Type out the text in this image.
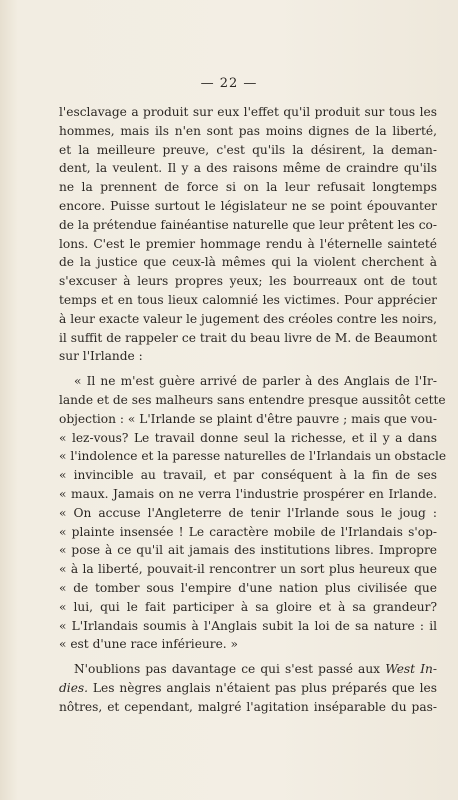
— 22 —
l'esclavage a produit sur eux l'effet qu'il produit sur tous les
hommes, mais ils n'en sont pas moins dignes de la liberté,
et la meilleure preuve, c'est qu'ils la désirent, la deman-
dent, la veulent. Il y a des raisons même de craindre qu'ils
ne la prennent de force si on la leur refusait longtemps
encore. Puisse surtout le législateur ne se point épouvanter
de la prétendue fainéantise naturelle que leur prêtent les co-
lons. C'est le premier hommage rendu à l'éternelle sainteté
de la justice que ceux-là mêmes qui la violent cherchent à
s'excuser à leurs propres yeux; les bourreaux ont de tout
temps et en tous lieux calomnié les victimes. Pour apprécier
à leur exacte valeur le jugement des créoles contre les noirs,
il suffit de rappeler ce trait du beau livre de M. de Beaumont
sur l'Irlande :
« Il ne m'est guère arrivé de parler à des Anglais de l'Ir-
lande et de ses malheurs sans entendre presque aussitôt cette
objection : « L'Irlande se plaint d'être pauvre ; mais que vou-
« lez-vous? Le travail donne seul la richesse, et il y a dans
« l'indolence et la paresse naturelles de l'Irlandais un obstacle
« invincible au travail, et par conséquent à la fin de ses
« maux. Jamais on ne verra l'industrie prospérer en Irlande.
« On accuse l'Angleterre de tenir l'Irlande sous le joug :
« plainte insensée ! Le caractère mobile de l'Irlandais s'op-
« pose à ce qu'il ait jamais des institutions libres. Impropre
« à la liberté, pouvait-il rencontrer un sort plus heureux que
« de tomber sous l'empire d'une nation plus civilisée que
« lui, qui le fait participer à sa gloire et à sa grandeur?
« L'Irlandais soumis à l'Anglais subit la loi de sa nature : il
« est d'une race inférieure. »
N'oublions pas davantage ce qui s'est passé aux West In-
dies. Les nègres anglais n'étaient pas plus préparés que les
nôtres, et cependant, malgré l'agitation inséparable du pas-
